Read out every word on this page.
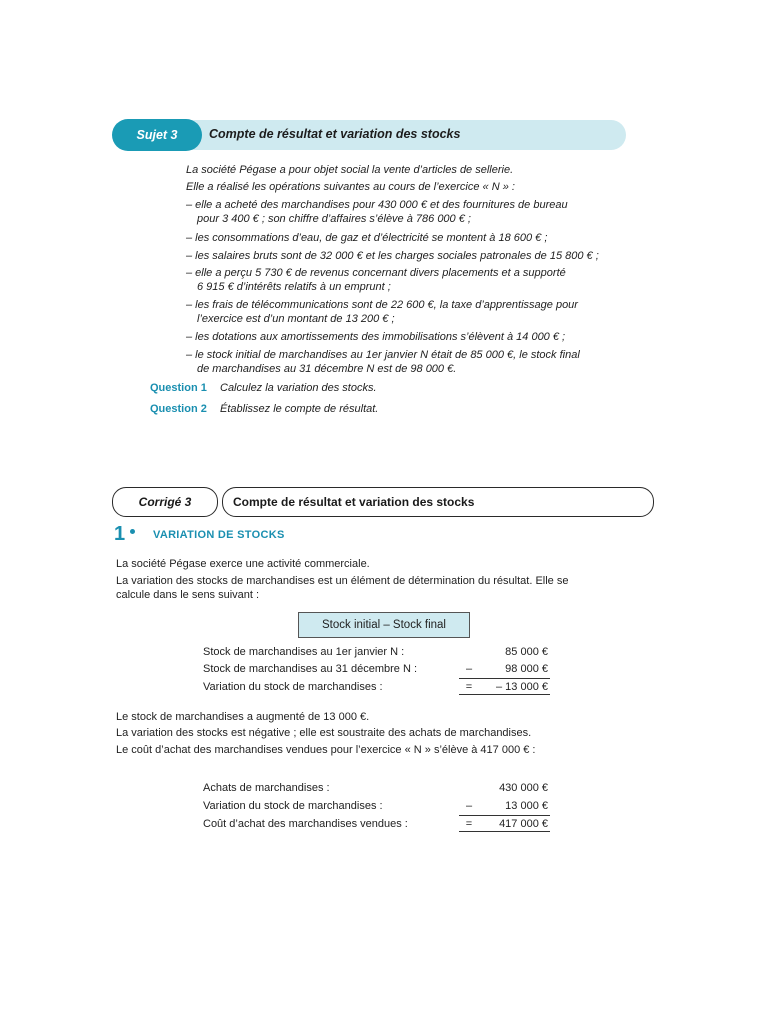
Sujet 3	Compte de résultat et variation des stocks
La société Pégase a pour objet social la vente d’articles de sellerie.
Elle a réalisé les opérations suivantes au cours de l’exercice « N » :
– elle a acheté des marchandises pour 430 000 € et des fournitures de bureau
pour 3 400 € ; son chiffre d’affaires s’élève à 786 000 € ;
– les consommations d’eau, de gaz et d’électricité se montent à 18 600 € ;
– les salaires bruts sont de 32 000 € et les charges sociales patronales de 15 800 € ;
– elle a perçu 5 730 € de revenus concernant divers placements et a supporté
6 915 € d’intérêts relatifs à un emprunt ;
– les frais de télécommunications sont de 22 600 €, la taxe d’apprentissage pour
l’exercice est d’un montant de 13 200 € ;
– les dotations aux amortissements des immobilisations s’élèvent à 14 000 € ;
– le stock initial de marchandises au 1er janvier N était de 85 000 €, le stock final
de marchandises au 31 décembre N est de 98 000 €.
Question 1 Calculez la variation des stocks.
Question 2 Établissez le compte de résultat.
Corrigé 3	Compte de résultat et variation des stocks
1	VARIATION DE STOCKS
La société Pégase exerce une activité commerciale.
La variation des stocks de marchandises est un élément de détermination du résultat. Elle se
calcule dans le sens suivant :
Stock initial – Stock final
Stock de marchandises au 1er janvier N :	85 000 €
Stock de marchandises au 31 décembre N :	–	98 000 €
Variation du stock de marchandises :	=	– 13 000 €
Le stock de marchandises a augmenté de 13 000 €.
La variation des stocks est négative ; elle est soustraite des achats de marchandises.
Le coût d’achat des marchandises vendues pour l’exercice « N » s’élève à 417 000 € :
Achats de marchandises :	430 000 €
Variation du stock de marchandises :	–	13 000 €
Coût d’achat des marchandises vendues :	=	417 000 €
